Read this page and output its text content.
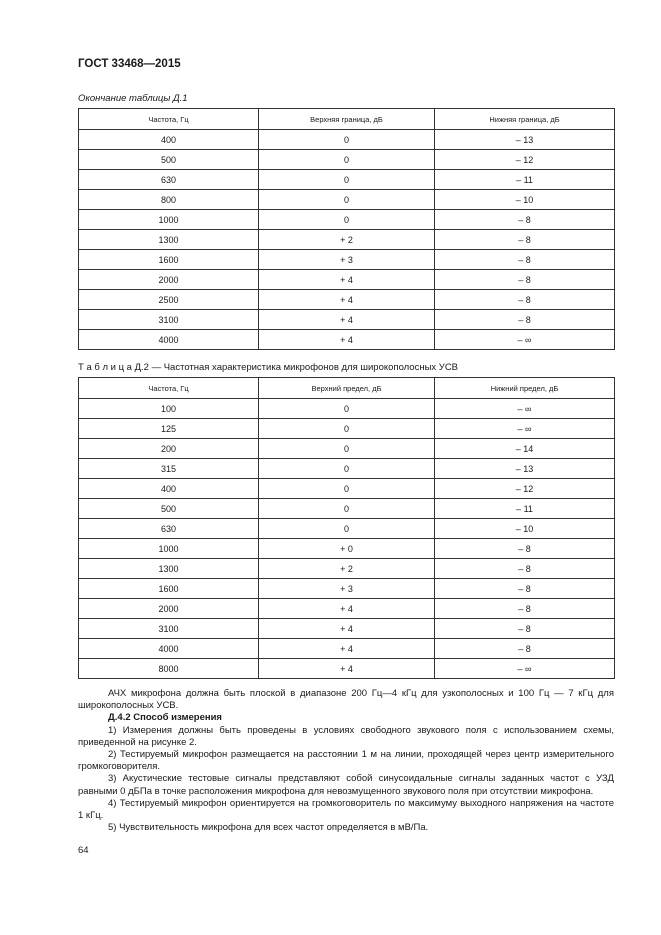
ГОСТ 33468—2015
Окончание таблицы Д.1
Частота, Гц	Верхняя граница, дБ	Нижняя граница, дБ
400	0	– 13
500	0	– 12
630	0	– 11
800	0	– 10
1000	0	– 8
1300	+ 2	– 8
1600	+ 3	– 8
2000	+ 4	– 8
2500	+ 4	– 8
3100	+ 4	– 8
4000	+ 4	– ∞
Т а б л и ц а Д.2 — Частотная характеристика микрофонов для широкополосных УСВ
Частота, Гц	Верхний предел, дБ	Нижний предел, дБ
100	0	– ∞
125	0	– ∞
200	0	– 14
315	0	– 13
400	0	– 12
500	0	– 11
630	0	– 10
1000	+ 0	– 8
1300	+ 2	– 8
1600	+ 3	– 8
2000	+ 4	– 8
3100	+ 4	– 8
4000	+ 4	– 8
8000	+ 4	– ∞

АЧХ микрофона должна быть плоской в диапазоне 200 Гц—4 кГц для узкополосных и 100 Гц — 7 кГц для широкополосных УСВ.

Д.4.2 Способ измерения

1) Измерения должны быть проведены в условиях свободного звукового поля с использованием схемы, приведенной на рисунке 2.

2) Тестируемый микрофон размещается на расстоянии 1 м на линии, проходящей через центр измерительного громкоговорителя.

3) Акустические тестовые сигналы представляют собой синусоидальные сигналы заданных частот с УЗД равными 0 дБПа в точке расположения микрофона для невозмущенного звукового поля при отсутствии микрофона.

4) Тестируемый микрофон ориентируется на громкоговоритель по максимуму выходного напряжения на частоте 1 кГц.

5) Чувствительность микрофона для всех частот определяется в мВ/Па.

64
